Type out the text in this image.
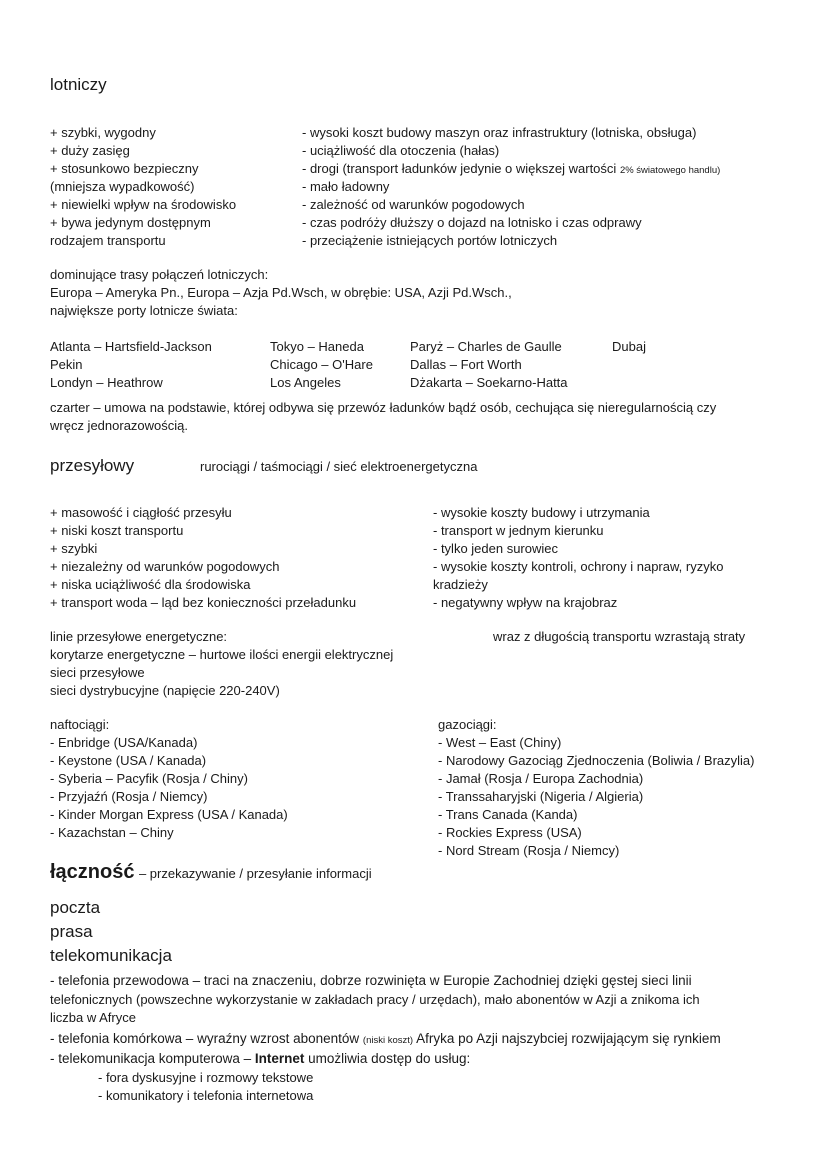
lotniczy
+ szybki, wygodny
+ duży zasięg
+ stosunkowo bezpieczny
(mniejsza wypadkowość)
+ niewielki wpływ na środowisko
+ bywa jedynym dostępnym
rodzajem transportu
- wysoki koszt budowy maszyn oraz infrastruktury (lotniska, obsługa)
- uciążliwość dla otoczenia (hałas)
- drogi (transport ładunków jedynie o większej wartości 2% światowego handlu)
- mało ładowny
- zależność od warunków pogodowych
- czas podróży dłuższy o dojazd na lotnisko i czas odprawy
- przeciążenie istniejących portów lotniczych
dominujące trasy połączeń lotniczych:
Europa – Ameryka Pn., Europa – Azja Pd.Wsch, w obrębie: USA, Azji Pd.Wsch.,
największe porty lotnicze świata:
Atlanta – Hartsfield-Jackson
Pekin
Londyn – Heathrow
Tokyo – Haneda
Chicago – O'Hare
Los Angeles
Paryż – Charles de Gaulle
Dallas – Fort Worth
Dżakarta – Soekarno-Hatta
Dubaj
czarter – umowa na podstawie, której odbywa się przewóz ładunków bądź osób, cechująca się nieregularnością czy
wręcz jednorazowością.
przesyłowy	rurociągi / taśmociągi / sieć elektroenergetyczna
+ masowość i ciągłość przesyłu
+ niski koszt transportu
+ szybki
+ niezależny od warunków pogodowych
+ niska uciążliwość dla środowiska
+ transport woda – ląd bez konieczności przeładunku
- wysokie koszty budowy i utrzymania
- transport w jednym kierunku
- tylko jeden surowiec
- wysokie koszty kontroli, ochrony i napraw, ryzyko
kradzieży
- negatywny wpływ na krajobraz
linie przesyłowe energetyczne:
korytarze energetyczne – hurtowe ilości energii elektrycznej
sieci przesyłowe
sieci dystrybucyjne (napięcie 220-240V)
wraz z długością transportu wzrastają straty
naftociągi:
- Enbridge (USA/Kanada)
- Keystone (USA / Kanada)
- Syberia – Pacyfik (Rosja / Chiny)
- Przyjaźń (Rosja / Niemcy)
- Kinder Morgan Express (USA / Kanada)
- Kazachstan – Chiny
gazociągi:
- West – East (Chiny)
- Narodowy Gazociąg Zjednoczenia (Boliwia / Brazylia)
- Jamał (Rosja / Europa Zachodnia)
- Transsaharyjski (Nigeria / Algieria)
- Trans Canada (Kanda)
- Rockies Express (USA)
- Nord Stream (Rosja / Niemcy)
łączność – przekazywanie / przesyłanie informacji
poczta
prasa
telekomunikacja
- telefonia przewodowa – traci na znaczeniu, dobrze rozwinięta w Europie Zachodniej dzięki gęstej sieci linii
telefonicznych (powszechne wykorzystanie w zakładach pracy / urzędach), mało abonentów w Azji a znikoma ich
liczba w Afryce
- telefonia komórkowa – wyraźny wzrost abonentów (niski koszt) Afryka po Azji najszybciej rozwijającym się rynkiem
- telekomunikacja komputerowa – Internet umożliwia dostęp do usług:
- fora dyskusyjne i rozmowy tekstowe
- komunikatory i telefonia internetowa
